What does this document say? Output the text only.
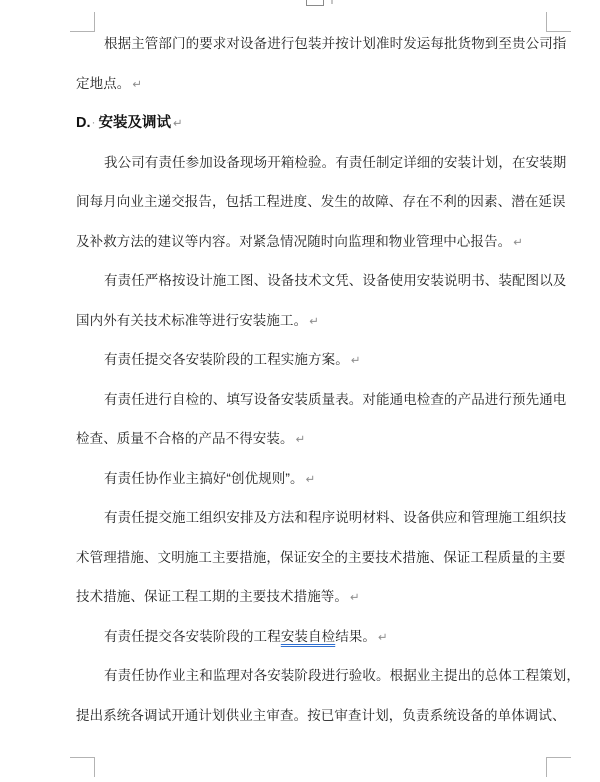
根据主管部门的要求对设备进行包装并按计划准时发运每批货物到至贵公司指
定地点。 ↵
D.· 安装及调试 ↵
我公司有责任参加设备现场开箱检验。有责任制定详细的安装计划，在安装期
间每月向业主递交报告，包括工程进度、发生的故障、存在不利的因素、潜在延误
及补救方法的建议等内容。对紧急情况随时向监理和物业管理中心报告。 ↵
有责任严格按设计施工图、设备技术文凭、设备使用安装说明书、装配图以及
国内外有关技术标准等进行安装施工。 ↵
有责任提交各安装阶段的工程实施方案。 ↵
有责任进行自检的、填写设备安装质量表。对能通电检查的产品进行预先通电
检查、质量不合格的产品不得安装。 ↵
有责任协作业主搞好“创优规则”。 ↵
有责任提交施工组织安排及方法和程序说明材料、设备供应和管理施工组织技
术管理措施、文明施工主要措施，保证安全的主要技术措施、保证工程质量的主要
技术措施、保证工程工期的主要技术措施等。 ↵
有责任提交各安装阶段的工程安装自检结果。 ↵
有责任协作业主和监理对各安装阶段进行验收。根据业主提出的总体工程策划，
提出系统各调试开通计划供业主审查。按已审查计划，负责系统设备的单体调试、
